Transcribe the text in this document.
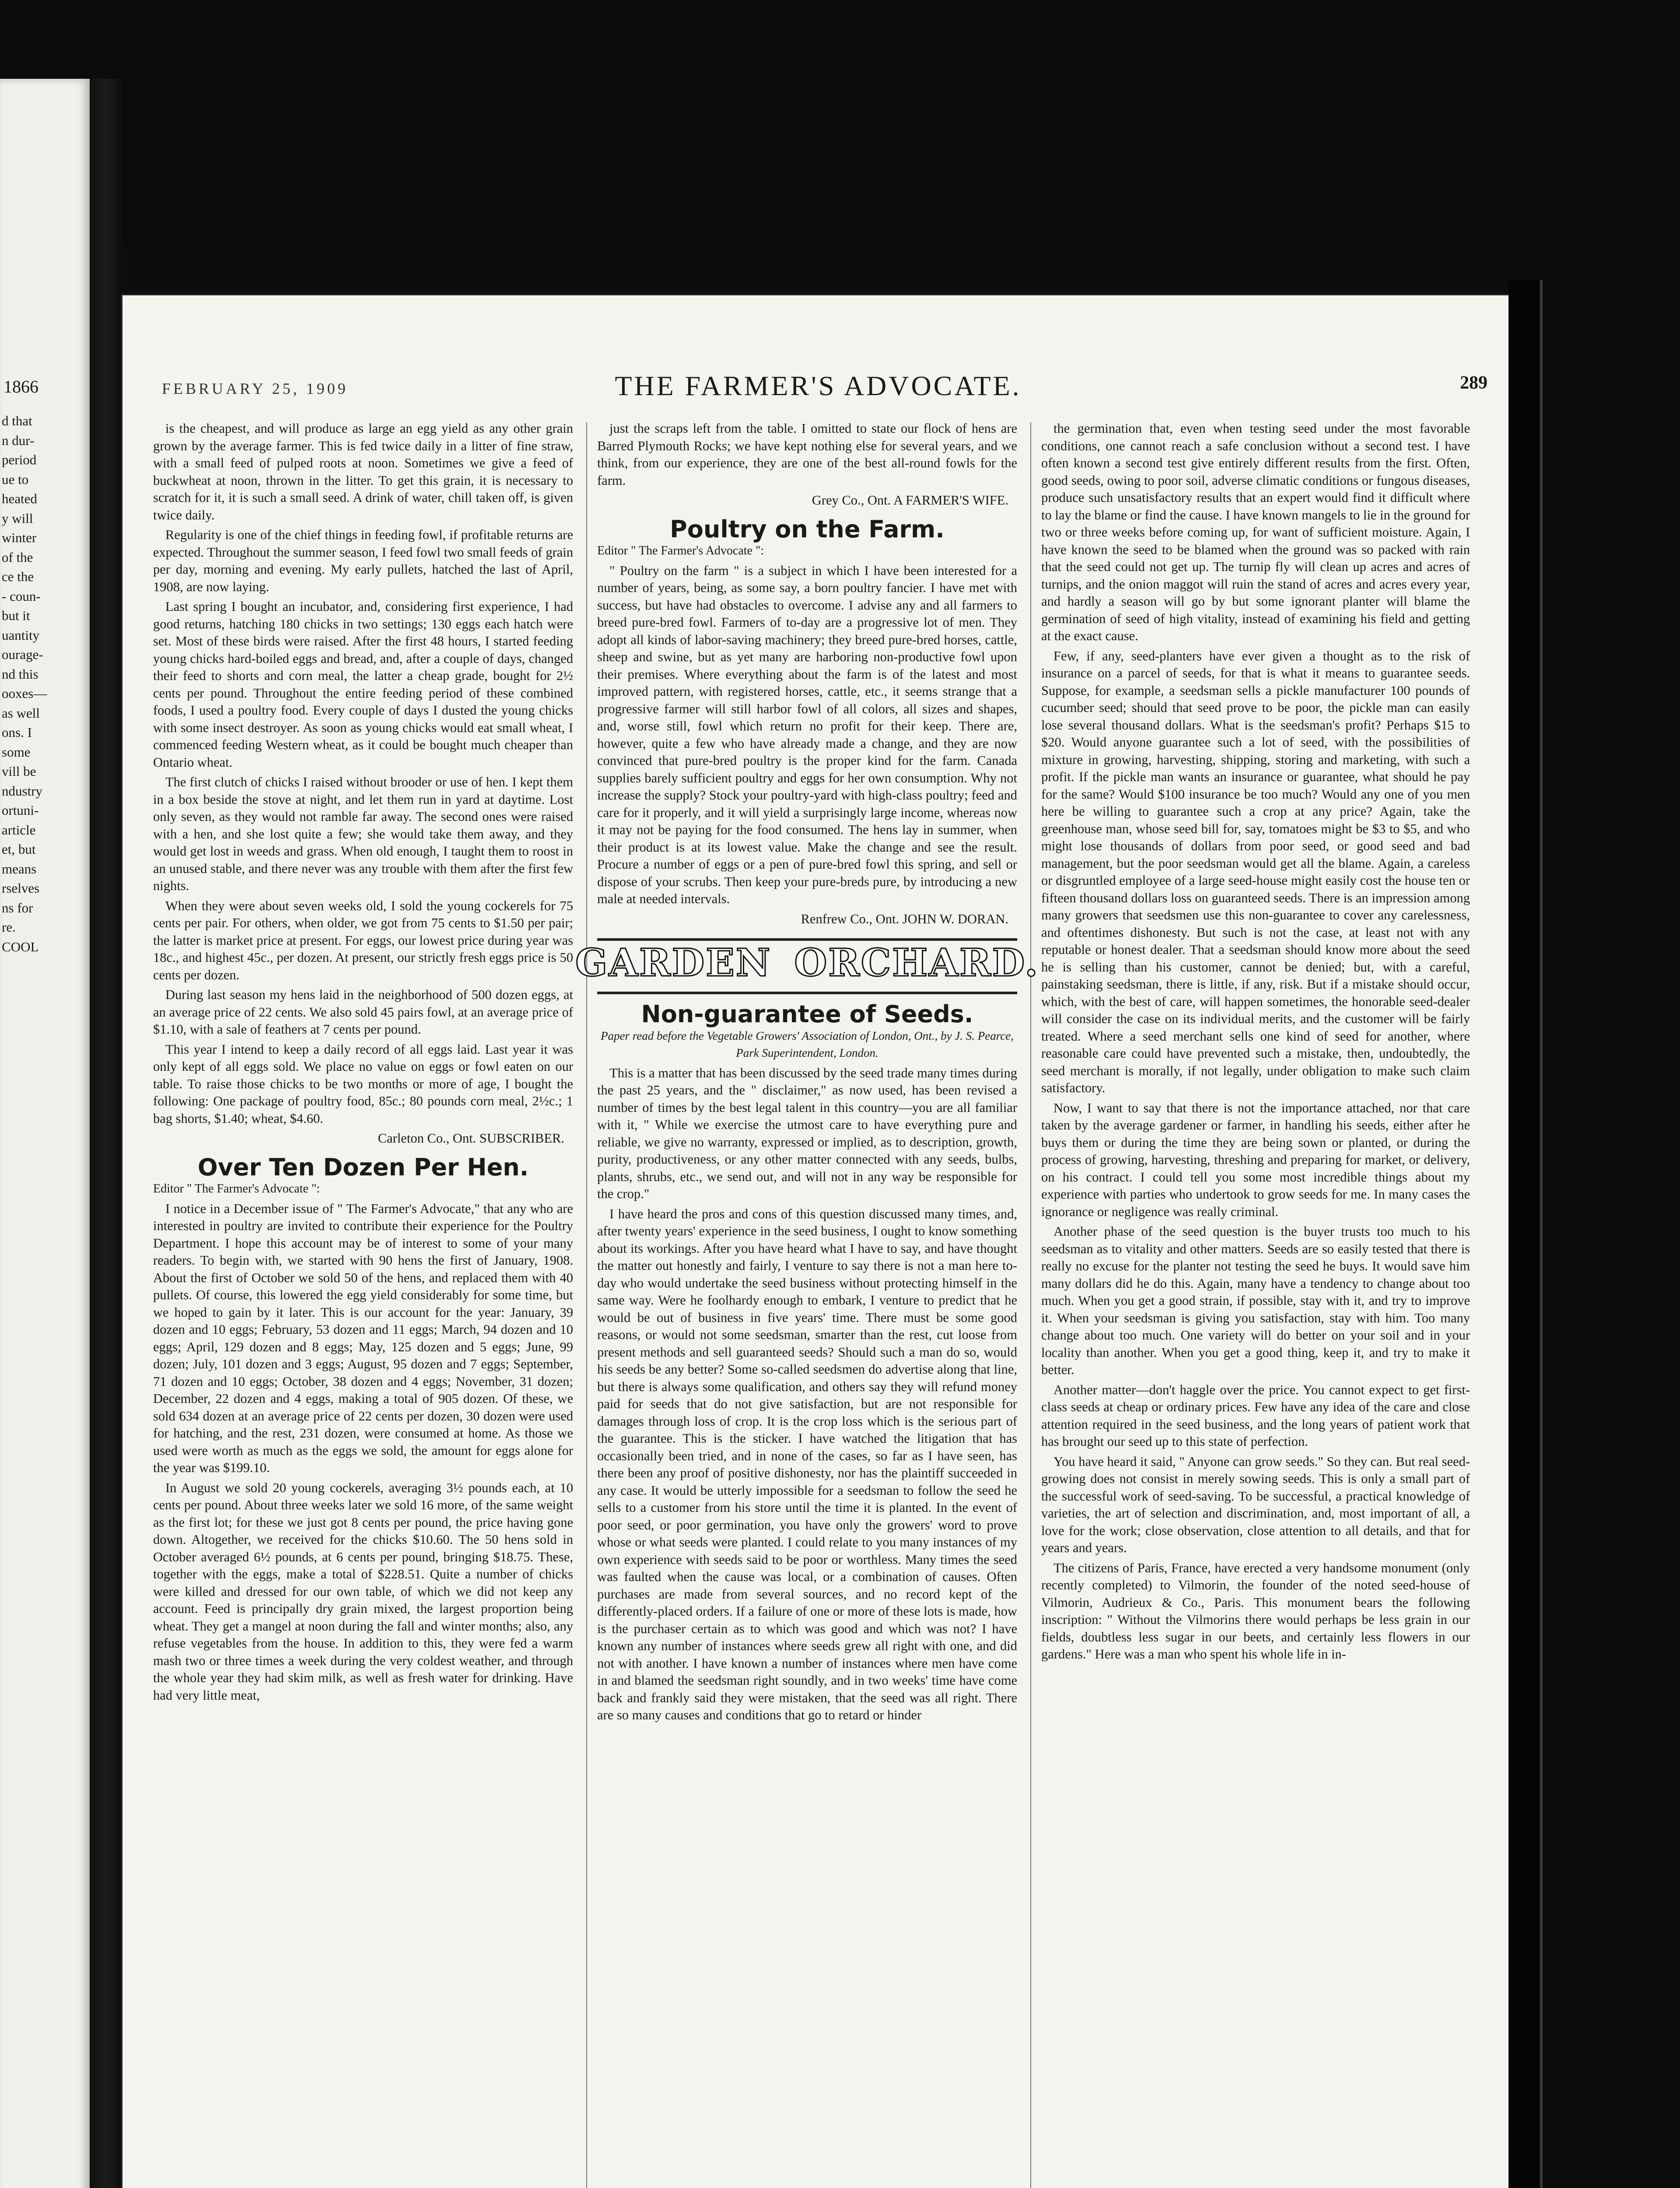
1866
d that
n dur-
period
ue to
heated
y will
winter
of the
ce the
- coun-
but it
uantity
ourage-
nd this
ooxes—
as well
ons. I
some
vill be
ndustry
ortuni-
article
et, but
means
rselves
ns for
re.
COOL
FEBRUARY 25, 1909	THE FARMER'S ADVOCATE.	289

is the cheapest, and will produce as large an egg yield as any other grain grown by the average farmer. This is fed twice daily in a litter of fine straw, with a small feed of pulped roots at noon. Sometimes we give a feed of buckwheat at noon, thrown in the litter. To get this grain, it is necessary to scratch for it, it is such a small seed. A drink of water, chill taken off, is given twice daily.

Regularity is one of the chief things in feeding fowl, if profitable returns are expected. Throughout the summer season, I feed fowl two small feeds of grain per day, morning and evening. My early pullets, hatched the last of April, 1908, are now laying.

Last spring I bought an incubator, and, considering first experience, I had good returns, hatching 180 chicks in two settings; 130 eggs each hatch were set. Most of these birds were raised. After the first 48 hours, I started feeding young chicks hard-boiled eggs and bread, and, after a couple of days, changed their feed to shorts and corn meal, the latter a cheap grade, bought for 2½ cents per pound. Throughout the entire feeding period of these combined foods, I used a poultry food. Every couple of days I dusted the young chicks with some insect destroyer. As soon as young chicks would eat small wheat, I commenced feeding Western wheat, as it could be bought much cheaper than Ontario wheat.

The first clutch of chicks I raised without brooder or use of hen. I kept them in a box beside the stove at night, and let them run in yard at daytime. Lost only seven, as they would not ramble far away. The second ones were raised with a hen, and she lost quite a few; she would take them away, and they would get lost in weeds and grass. When old enough, I taught them to roost in an unused stable, and there never was any trouble with them after the first few nights.

When they were about seven weeks old, I sold the young cockerels for 75 cents per pair. For others, when older, we got from 75 cents to $1.50 per pair; the latter is market price at present. For eggs, our lowest price during year was 18c., and highest 45c., per dozen. At present, our strictly fresh eggs price is 50 cents per dozen.

During last season my hens laid in the neighborhood of 500 dozen eggs, at an average price of 22 cents. We also sold 45 pairs fowl, at an average price of $1.10, with a sale of feathers at 7 cents per pound.

This year I intend to keep a daily record of all eggs laid. Last year it was only kept of all eggs sold. We place no value on eggs or fowl eaten on our table. To raise those chicks to be two months or more of age, I bought the following: One package of poultry food, 85c.; 80 pounds corn meal, 2½c.; 1 bag shorts, $1.40; wheat, $4.60.

Carleton Co., Ont. SUBSCRIBER.

Over Ten Dozen Per Hen.

Editor " The Farmer's Advocate ":

I notice in a December issue of " The Farmer's Advocate," that any who are interested in poultry are invited to contribute their experience for the Poultry Department. I hope this account may be of interest to some of your many readers. To begin with, we started with 90 hens the first of January, 1908. About the first of October we sold 50 of the hens, and replaced them with 40 pullets. Of course, this lowered the egg yield considerably for some time, but we hoped to gain by it later. This is our account for the year: January, 39 dozen and 10 eggs; February, 53 dozen and 11 eggs; March, 94 dozen and 10 eggs; April, 129 dozen and 8 eggs; May, 125 dozen and 5 eggs; June, 99 dozen; July, 101 dozen and 3 eggs; August, 95 dozen and 7 eggs; September, 71 dozen and 10 eggs; October, 38 dozen and 4 eggs; November, 31 dozen; December, 22 dozen and 4 eggs, making a total of 905 dozen. Of these, we sold 634 dozen at an average price of 22 cents per dozen, 30 dozen were used for hatching, and the rest, 231 dozen, were consumed at home. As those we used were worth as much as the eggs we sold, the amount for eggs alone for the year was $199.10.

In August we sold 20 young cockerels, averaging 3½ pounds each, at 10 cents per pound. About three weeks later we sold 16 more, of the same weight as the first lot; for these we just got 8 cents per pound, the price having gone down. Altogether, we received for the chicks $10.60. The 50 hens sold in October averaged 6½ pounds, at 6 cents per pound, bringing $18.75. These, together with the eggs, make a total of $228.51. Quite a number of chicks were killed and dressed for our own table, of which we did not keep any account. Feed is principally dry grain mixed, the largest proportion being wheat. They get a mangel at noon during the fall and winter months; also, any refuse vegetables from the house. In addition to this, they were fed a warm mash two or three times a week during the very coldest weather, and through the whole year they had skim milk, as well as fresh water for drinking. Have had very little meat,

just the scraps left from the table. I omitted to state our flock of hens are Barred Plymouth Rocks; we have kept nothing else for several years, and we think, from our experience, they are one of the best all-round fowls for the farm.

Grey Co., Ont. A FARMER'S WIFE.

Poultry on the Farm.

Editor " The Farmer's Advocate ":

" Poultry on the farm " is a subject in which I have been interested for a number of years, being, as some say, a born poultry fancier. I have met with success, but have had obstacles to overcome. I advise any and all farmers to breed pure-bred fowl. Farmers of to-day are a progressive lot of men. They adopt all kinds of labor-saving machinery; they breed pure-bred horses, cattle, sheep and swine, but as yet many are harboring non-productive fowl upon their premises. Where everything about the farm is of the latest and most improved pattern, with registered horses, cattle, etc., it seems strange that a progressive farmer will still harbor fowl of all colors, all sizes and shapes, and, worse still, fowl which return no profit for their keep. There are, however, quite a few who have already made a change, and they are now convinced that pure-bred poultry is the proper kind for the farm. Canada supplies barely sufficient poultry and eggs for her own consumption. Why not increase the supply? Stock your poultry-yard with high-class poultry; feed and care for it properly, and it will yield a surprisingly large income, whereas now it may not be paying for the food consumed. The hens lay in summer, when their product is at its lowest value. Make the change and see the result. Procure a number of eggs or a pen of pure-bred fowl this spring, and sell or dispose of your scrubs. Then keep your pure-breds pure, by introducing a new male at needed intervals.

Renfrew Co., Ont. JOHN W. DORAN.

GARDEN ORCHARD.
Non-guarantee of Seeds.

Paper read before the Vegetable Growers' Association of London, Ont., by J. S. Pearce, Park Superintendent, London.

This is a matter that has been discussed by the seed trade many times during the past 25 years, and the " disclaimer," as now used, has been revised a number of times by the best legal talent in this country—you are all familiar with it, " While we exercise the utmost care to have everything pure and reliable, we give no warranty, expressed or implied, as to description, growth, purity, productiveness, or any other matter connected with any seeds, bulbs, plants, shrubs, etc., we send out, and will not in any way be responsible for the crop."

I have heard the pros and cons of this question discussed many times, and, after twenty years' experience in the seed business, I ought to know something about its workings. After you have heard what I have to say, and have thought the matter out honestly and fairly, I venture to say there is not a man here to-day who would undertake the seed business without protecting himself in the same way. Were he foolhardy enough to embark, I venture to predict that he would be out of business in five years' time. There must be some good reasons, or would not some seedsman, smarter than the rest, cut loose from present methods and sell guaranteed seeds? Should such a man do so, would his seeds be any better? Some so-called seedsmen do advertise along that line, but there is always some qualification, and others say they will refund money paid for seeds that do not give satisfaction, but are not responsible for damages through loss of crop. It is the crop loss which is the serious part of the guarantee. This is the sticker. I have watched the litigation that has occasionally been tried, and in none of the cases, so far as I have seen, has there been any proof of positive dishonesty, nor has the plaintiff succeeded in any case. It would be utterly impossible for a seedsman to follow the seed he sells to a customer from his store until the time it is planted. In the event of poor seed, or poor germination, you have only the growers' word to prove whose or what seeds were planted. I could relate to you many instances of my own experience with seeds said to be poor or worthless. Many times the seed was faulted when the cause was local, or a combination of causes. Often purchases are made from several sources, and no record kept of the differently-placed orders. If a failure of one or more of these lots is made, how is the purchaser certain as to which was good and which was not? I have known any number of instances where seeds grew all right with one, and did not with another. I have known a number of instances where men have come in and blamed the seedsman right soundly, and in two weeks' time have come back and frankly said they were mistaken, that the seed was all right. There are so many causes and conditions that go to retard or hinder

the germination that, even when testing seed under the most favorable conditions, one cannot reach a safe conclusion without a second test. I have often known a second test give entirely different results from the first. Often, good seeds, owing to poor soil, adverse climatic conditions or fungous diseases, produce such unsatisfactory results that an expert would find it difficult where to lay the blame or find the cause. I have known mangels to lie in the ground for two or three weeks before coming up, for want of sufficient moisture. Again, I have known the seed to be blamed when the ground was so packed with rain that the seed could not get up. The turnip fly will clean up acres and acres of turnips, and the onion maggot will ruin the stand of acres and acres every year, and hardly a season will go by but some ignorant planter will blame the germination of seed of high vitality, instead of examining his field and getting at the exact cause.

Few, if any, seed-planters have ever given a thought as to the risk of insurance on a parcel of seeds, for that is what it means to guarantee seeds. Suppose, for example, a seedsman sells a pickle manufacturer 100 pounds of cucumber seed; should that seed prove to be poor, the pickle man can easily lose several thousand dollars. What is the seedsman's profit? Perhaps $15 to $20. Would anyone guarantee such a lot of seed, with the possibilities of mixture in growing, harvesting, shipping, storing and marketing, with such a profit. If the pickle man wants an insurance or guarantee, what should he pay for the same? Would $100 insurance be too much? Would any one of you men here be willing to guarantee such a crop at any price? Again, take the greenhouse man, whose seed bill for, say, tomatoes might be $3 to $5, and who might lose thousands of dollars from poor seed, or good seed and bad management, but the poor seedsman would get all the blame. Again, a careless or disgruntled employee of a large seed-house might easily cost the house ten or fifteen thousand dollars loss on guaranteed seeds. There is an impression among many growers that seedsmen use this non-guarantee to cover any carelessness, and oftentimes dishonesty. But such is not the case, at least not with any reputable or honest dealer. That a seedsman should know more about the seed he is selling than his customer, cannot be denied; but, with a careful, painstaking seedsman, there is little, if any, risk. But if a mistake should occur, which, with the best of care, will happen sometimes, the honorable seed-dealer will consider the case on its individual merits, and the customer will be fairly treated. Where a seed merchant sells one kind of seed for another, where reasonable care could have prevented such a mistake, then, undoubtedly, the seed merchant is morally, if not legally, under obligation to make such claim satisfactory.

Now, I want to say that there is not the importance attached, nor that care taken by the average gardener or farmer, in handling his seeds, either after he buys them or during the time they are being sown or planted, or during the process of growing, harvesting, threshing and preparing for market, or delivery, on his contract. I could tell you some most incredible things about my experience with parties who undertook to grow seeds for me. In many cases the ignorance or negligence was really criminal.

Another phase of the seed question is the buyer trusts too much to his seedsman as to vitality and other matters. Seeds are so easily tested that there is really no excuse for the planter not testing the seed he buys. It would save him many dollars did he do this. Again, many have a tendency to change about too much. When you get a good strain, if possible, stay with it, and try to improve it. When your seedsman is giving you satisfaction, stay with him. Too many change about too much. One variety will do better on your soil and in your locality than another. When you get a good thing, keep it, and try to make it better.

Another matter—don't haggle over the price. You cannot expect to get first-class seeds at cheap or ordinary prices. Few have any idea of the care and close attention required in the seed business, and the long years of patient work that has brought our seed up to this state of perfection.

You have heard it said, " Anyone can grow seeds." So they can. But real seed-growing does not consist in merely sowing seeds. This is only a small part of the successful work of seed-saving. To be successful, a practical knowledge of varieties, the art of selection and discrimination, and, most important of all, a love for the work; close observation, close attention to all details, and that for years and years.

The citizens of Paris, France, have erected a very handsome monument (only recently completed) to Vilmorin, the founder of the noted seed-house of Vilmorin, Audrieux & Co., Paris. This monument bears the following inscription: " Without the Vilmorins there would perhaps be less grain in our fields, doubtless less sugar in our beets, and certainly less flowers in our gardens." Here was a man who spent his whole life in in-
